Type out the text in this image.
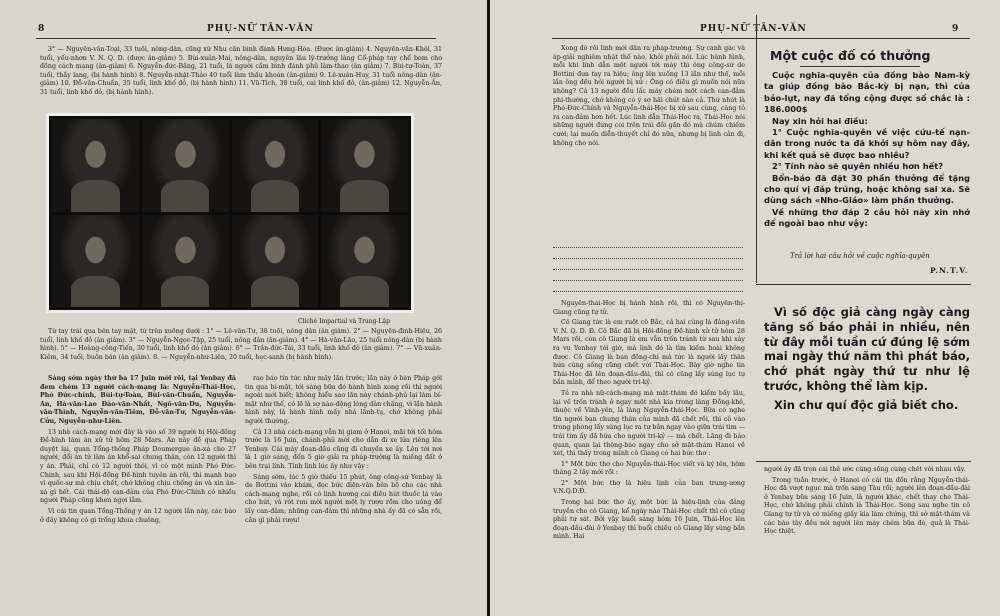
8	PHỤ-NỮ TÂN-VĂN

3° — Nguyễn-văn-Toại, 33 tuổi, nông-dân, cũng xứ Nhu căn bình đánh Hưng-Hóa. (Được ân-giảm) 4. Nguyễn-văn-Khôi, 31 tuổi, yếu-nhơn V. N. Q. D. (được ân-giảm) 5. Bùi-xuân-Mai, nông-dân, nguyên lâu lý-trưởng làng Cổ-pháp tay chế bom cho đồng cách mạng (ân-giảm) 6. Nguyễn-đức-Băng, 21 tuổi, là người cầm binh đánh phủ lâm-thao (ân giảm) 7. Bùi-tự-Toàn, 37 tuổi, thầy lang, (bị hành hình) 8. Nguyễn-nhật-Thảo 40 tuổi làm thầu khoán (ân-giảm) 9. Lê-xuân-Huy, 31 tuổi nông-dân (ân-giảm) 10. Đỗ-văn-Chuẩn, 35 tuổi, linh khố đỏ, (bị hành hình) 11. Vũ-Tích, 38 tuổi, cai linh khố đỏ, (ân-giảm) 12. Nguyễn-Ấn, 31 tuổi, linh khố đỏ, (bị hành hình).

Cliché Impartial và Trung-Lập

Từ tay trái qua bên tay mặt, từ trên xuống dưới : 1° — Lê-văn-Tư, 38 tuổi, nông dân (ân giảm). 2° — Nguyễn-đình-Hiệu, 26 tuổi, linh khố đỏ (ân giảm). 3° — Nguyễn-Ngọc-Tập, 25 tuổi, nông dân (ân-giảm). 4° — Hà-văn-Lão, 25 tuổi nông-dân (bị hành hình). 5° — Hoàng-công-Tiến, 30 tuổi, linh khố đỏ (ân giảm). 6° — Trần-đức-Tái, 33 tuổi, linh khố đỏ (ân giảm). 7° — Vũ-xuân-Kiêm, 34 tuổi, buôn bán (ân giảm). 8. — Nguyễn-như-Liên, 20 tuổi, học-sanh (bị hành hình).

Sáng sớm ngày thứ ba 17 Juin mới rồi, tại Yenbay đã đem chém 13 người cách-mạng là: Nguyễn-Thái-Học, Phó Đức-chính, Bùi-tự-Toàn, Bùi-văn-Chuẩn, Nguyễn-An, Hà-văn-Lao Đào-văn-Nhất, Ngô-văn-Du, Nguyễn-văn-Thình, Nguyễn-văn-Tiêm, Đỗ-văn-Tư, Nguyễn-văn-Cửu, Nguyễn-như-Liên.

13 nhà cách-mạng mới đây là vào số 39 người bị Hội-đồng Đề-hình làm án xử tử hôm 28 Mars. Án này đề qua Pháp duyệt lại, quan Tổng-thống Pháp Doumergue ân-xá cho 27 người, đổi án tử làm án khổ-sai chung thân, còn 12 người thì y án. Phải, chỉ có 12 người thôi, vì có một mình Phó Đức-Chính, sau khi Hội-đồng Đề-hình tuyên án rồi, thì mạnh bạo vì quốc-sự mà chịu chết, chớ không chịu chống án và xin ân-xá gì hết. Cái thái-độ can-đảm của Phó Đức-Chính có nhiều người Pháp cũng khen ngợi lắm.

Vì cái tin quan Tổng-Thống y án 12 người lần này, các báo ở đây không có gì trổng khua chuông,

rao báo tin tức như mấy lần trước; lần này ở bên Pháp gởi tin qua bí-mật, tới sáng bữa đó hành hình xong rồi thì người ngoài mới biết; không hiểu sao lần này chánh-phủ lại làm bí-mật như thế, có lẽ là sợ náo-động lòng dân chăng, vì lần hành hình này, là hành hình mấy nhà lãnh-tụ, chớ không phải người thường.

Cả 13 nhà cách-mạng vẫn bị giam ở Hanoi, mãi tới tối hôm trước là 16 Juin, chánh-phủ mới cho dẫn đi xe lửa riêng lên Yenbay. Cái máy đoạn-đầu cũng đi chuyến xe ấy. Lên tới nơi là 1 giờ sáng, đến 5 giờ giải ra pháp-trường là miếng đất ở bên trại lính. Tính linh lúc ấy như vậy :

Sáng sớm, lúc 5 giờ thiếu 15 phút, ông công-sứ Yenbay là de Bottini vào khám, đọc bức điện-văn bên bộ cho các nhà cách-mạng nghe, rồi có linh hương cai điều hút thuốc lá vào cho hút, và rót rưu mời người một ly rượu rồm cho uống để lấy can-đảm; những can-đảm thì những nhà ấy đã có sẵn rồi, cần gì phải rượu!

PHỤ-NỮ TÂN-VĂN	9

Xong đó rồi linh mới dẫn ra pháp-trường. Sự canh gác và áp-giải nghiêm nhặt thế nào, khỏi phải nói. Lúc hành hình, mỗi khi linh dẫn một người tới máy thì ông công-sứ de Bottini đưa tay ra hiệu; ông lên xuống 13 lần như thế, mỗi lần ông đều hỏi người bị xử : Ông có điều gì muốn nói nữa không? Cả 13 người đều lắc máy chém một cách can-đảm phi-thường, chớ không có ý sợ hãi chút nào cả. Thứ nhứt là Phó-Đức-Chính và Nguyễn-thái-Học bị xử sau cùng, càng tỏ ra can-đảm hơn hết. Lúc linh dẫn Thái-Học ra, Thái-Học nói những người đứng coi trên trái đồi gần đó mà chúm chiếm cười; lại muốn diễn-thuyết chỉ đó nữa, nhưng bị linh cản đi, không cho nói.

Nguyễn-thái-Học bị hành hình rồi, thì cô Nguyễn-thị-Giang cũng tự tử.

Cô Giang tức là em ruột cô Bắc, cả hai cùng là đảng-viên V. N. Q. D. Đ. Cô Bắc đã bị Hội-đồng Đề-hình xử tử hôm 28 Mars rồi, còn cô Giang là em vẫn trốn tránh từ sau khi xảy ra vụ Yenbay tới giờ, mà linh đó là tìm kiếm hoài không được. Cô Giang là bạn đồng-chí mà tức là người lấy thân hứa cùng sống cũng chết với Thái-Học. Bây giờ nghe tin Thái-Học đã lên đoạn-đầu-đài, thì cô cũng lấy súng lục tự bắn mình, để theo người tri-kỷ.

Tẻ ra nhà nữ-cách-mạng mà mật-thám đó kiếm bấy lâu, lại về trốn tránh ở ngay một nhà kia trong làng Đồng-khê, thuộc về Vinh-yên, là làng Nguyễn-thái-Học. Bữa có nghe tin người bạn chung thân của mình đã chết rồi, thì cô vào trong phòng lấy súng lục ra tự bắn ngay vào giữa trái tim — trái tim ấy đã hứa cho người tri-kỷ — mà chết. Lãng đi báo quan, quan lại thông-báo ngay cho sở mật-thám Hanoi về xét, thì thấy trong mình cô Giang có hai bức thơ :

1° Một bức thơ cho Nguyễn-thái-Học viết và ký tên, hôm tháng 2 tây mới rồi :

2° Một bức thơ là hiệu lịnh của ban trung-ương V.N.Q.D.Đ.

Trong hai bức thơ ấy, một bức là hiệu-lịnh của đảng truyền cho cô Giang, kể ngày nào Thái-Học chết thì cô cũng phải tự sát. Bởi vậy buổi sáng hôm 16 Juin, Thái-Học lên đoạn-đầu-đài ở Yenbay thì buổi chiều cô Giang lấy súng bắn mình. Hai

Một cuộc đố có thưởng

Cuộc nghĩa-quyên của đồng bào Nam-kỳ ta giúp đồng bào Bắc-kỳ bị nạn, thì của bảo-lụt, nay đã tổng cộng được số chắc là : 186.000$

Nay xin hỏi hai điều:

1° Cuộc nghĩa-quyên về việc cứu-tế nạn-dân trong nước ta đã khởi sự hôm nay đây, khi kết quả sẽ được bao nhiêu?

2° Tính nào sẽ quyên nhiều hơn hết?

Bổn-báo đã đặt 30 phần thưởng để tặng cho quí vị đáp trúng, hoặc không sai xa. Sẽ dùng sách «Nho-Giáo» làm phần thưởng.

Về những thơ đáp 2 câu hỏi này xin nhớ để ngoài bao như vậy:

Trả lời hai câu hỏi về cuộc nghĩa-quyên
P.N.T.V.

Vì số độc giả càng ngày càng tăng số báo phải in nhiều, nên từ đây mỗi tuần cứ đúng lệ sớm mai ngày thứ năm thì phát báo, chớ phát ngày thứ tư như lệ trước, không thể làm kịp.

Xin chư quí độc giả biết cho.

người ấy đã trọn cái thế ước cùng sống cùng chết với nhau vậy.

Trong tuần trước, ở Hanoi có cái tin đồn rằng Nguyễn-thái-Học đã vượt ngục mà trốn sang Tàu rồi; người lên đoạn-đầu-đài ở Yenbay bữa sáng 16 Juin, là người khác, chết thay cho Thái-Học, chớ không phải chính là Thái-Học. Song sau nghe tin cô Giang tự tử và có miếng giấy kia làm chứng, thì sở mật-thám và các báo tây đều nói người lên máy chém bữa đó, quả là Thái-Học thiệt.
